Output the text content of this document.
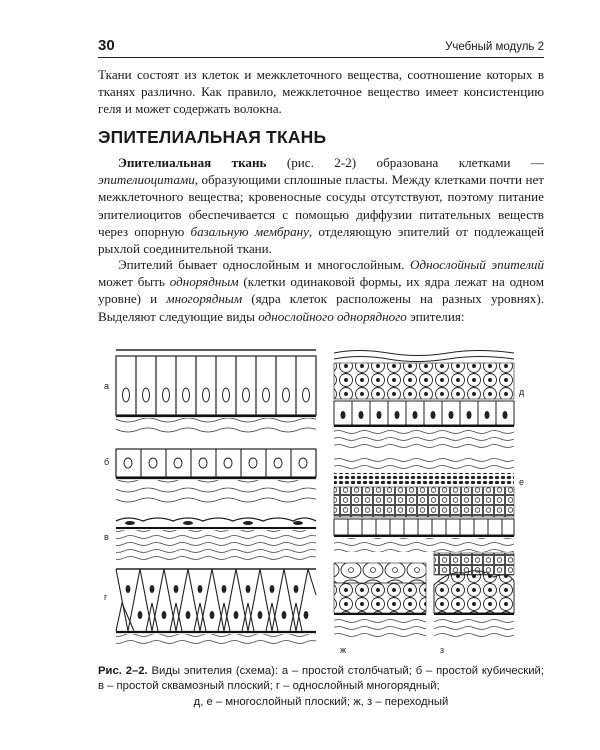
30	Учебный модуль 2

Ткани состоят из клеток и межклеточного вещества, соотношение которых в тканях различно. Как правило, межклеточное вещество имеет консистенцию геля и может содержать волокна.

ЭПИТЕЛИАЛЬНАЯ ТКАНЬ

Эпителиальная ткань (рис. 2-2) образована клетками — эпителиоцитами, образующими сплошные пласты. Между клетками почти нет межклеточного вещества; кровеносные сосуды отсутствуют, поэтому питание эпителиоцитов обеспечивается с помощью диффузии питательных веществ через опорную базальную мембрану, отделяющую эпителий от подлежащей рыхлой соединительной ткани.

Эпителий бывает однослойным и многослойным. Однослойный эпителий может быть однорядным (клетки одинаковой формы, их ядра лежат на одном уровне) и многорядным (ядра клеток расположены на разных уровнях). Выделяют следующие виды однослойного однорядного эпителия:

а
б
в
г
д
е
ж	з

Рис. 2–2. Виды эпителия (схема): а – простой столбчатый; б – простой кубический; в – простой сквамозный плоский; г – однослойный многорядный;
д, е – многослойный плоский; ж, з – переходный
